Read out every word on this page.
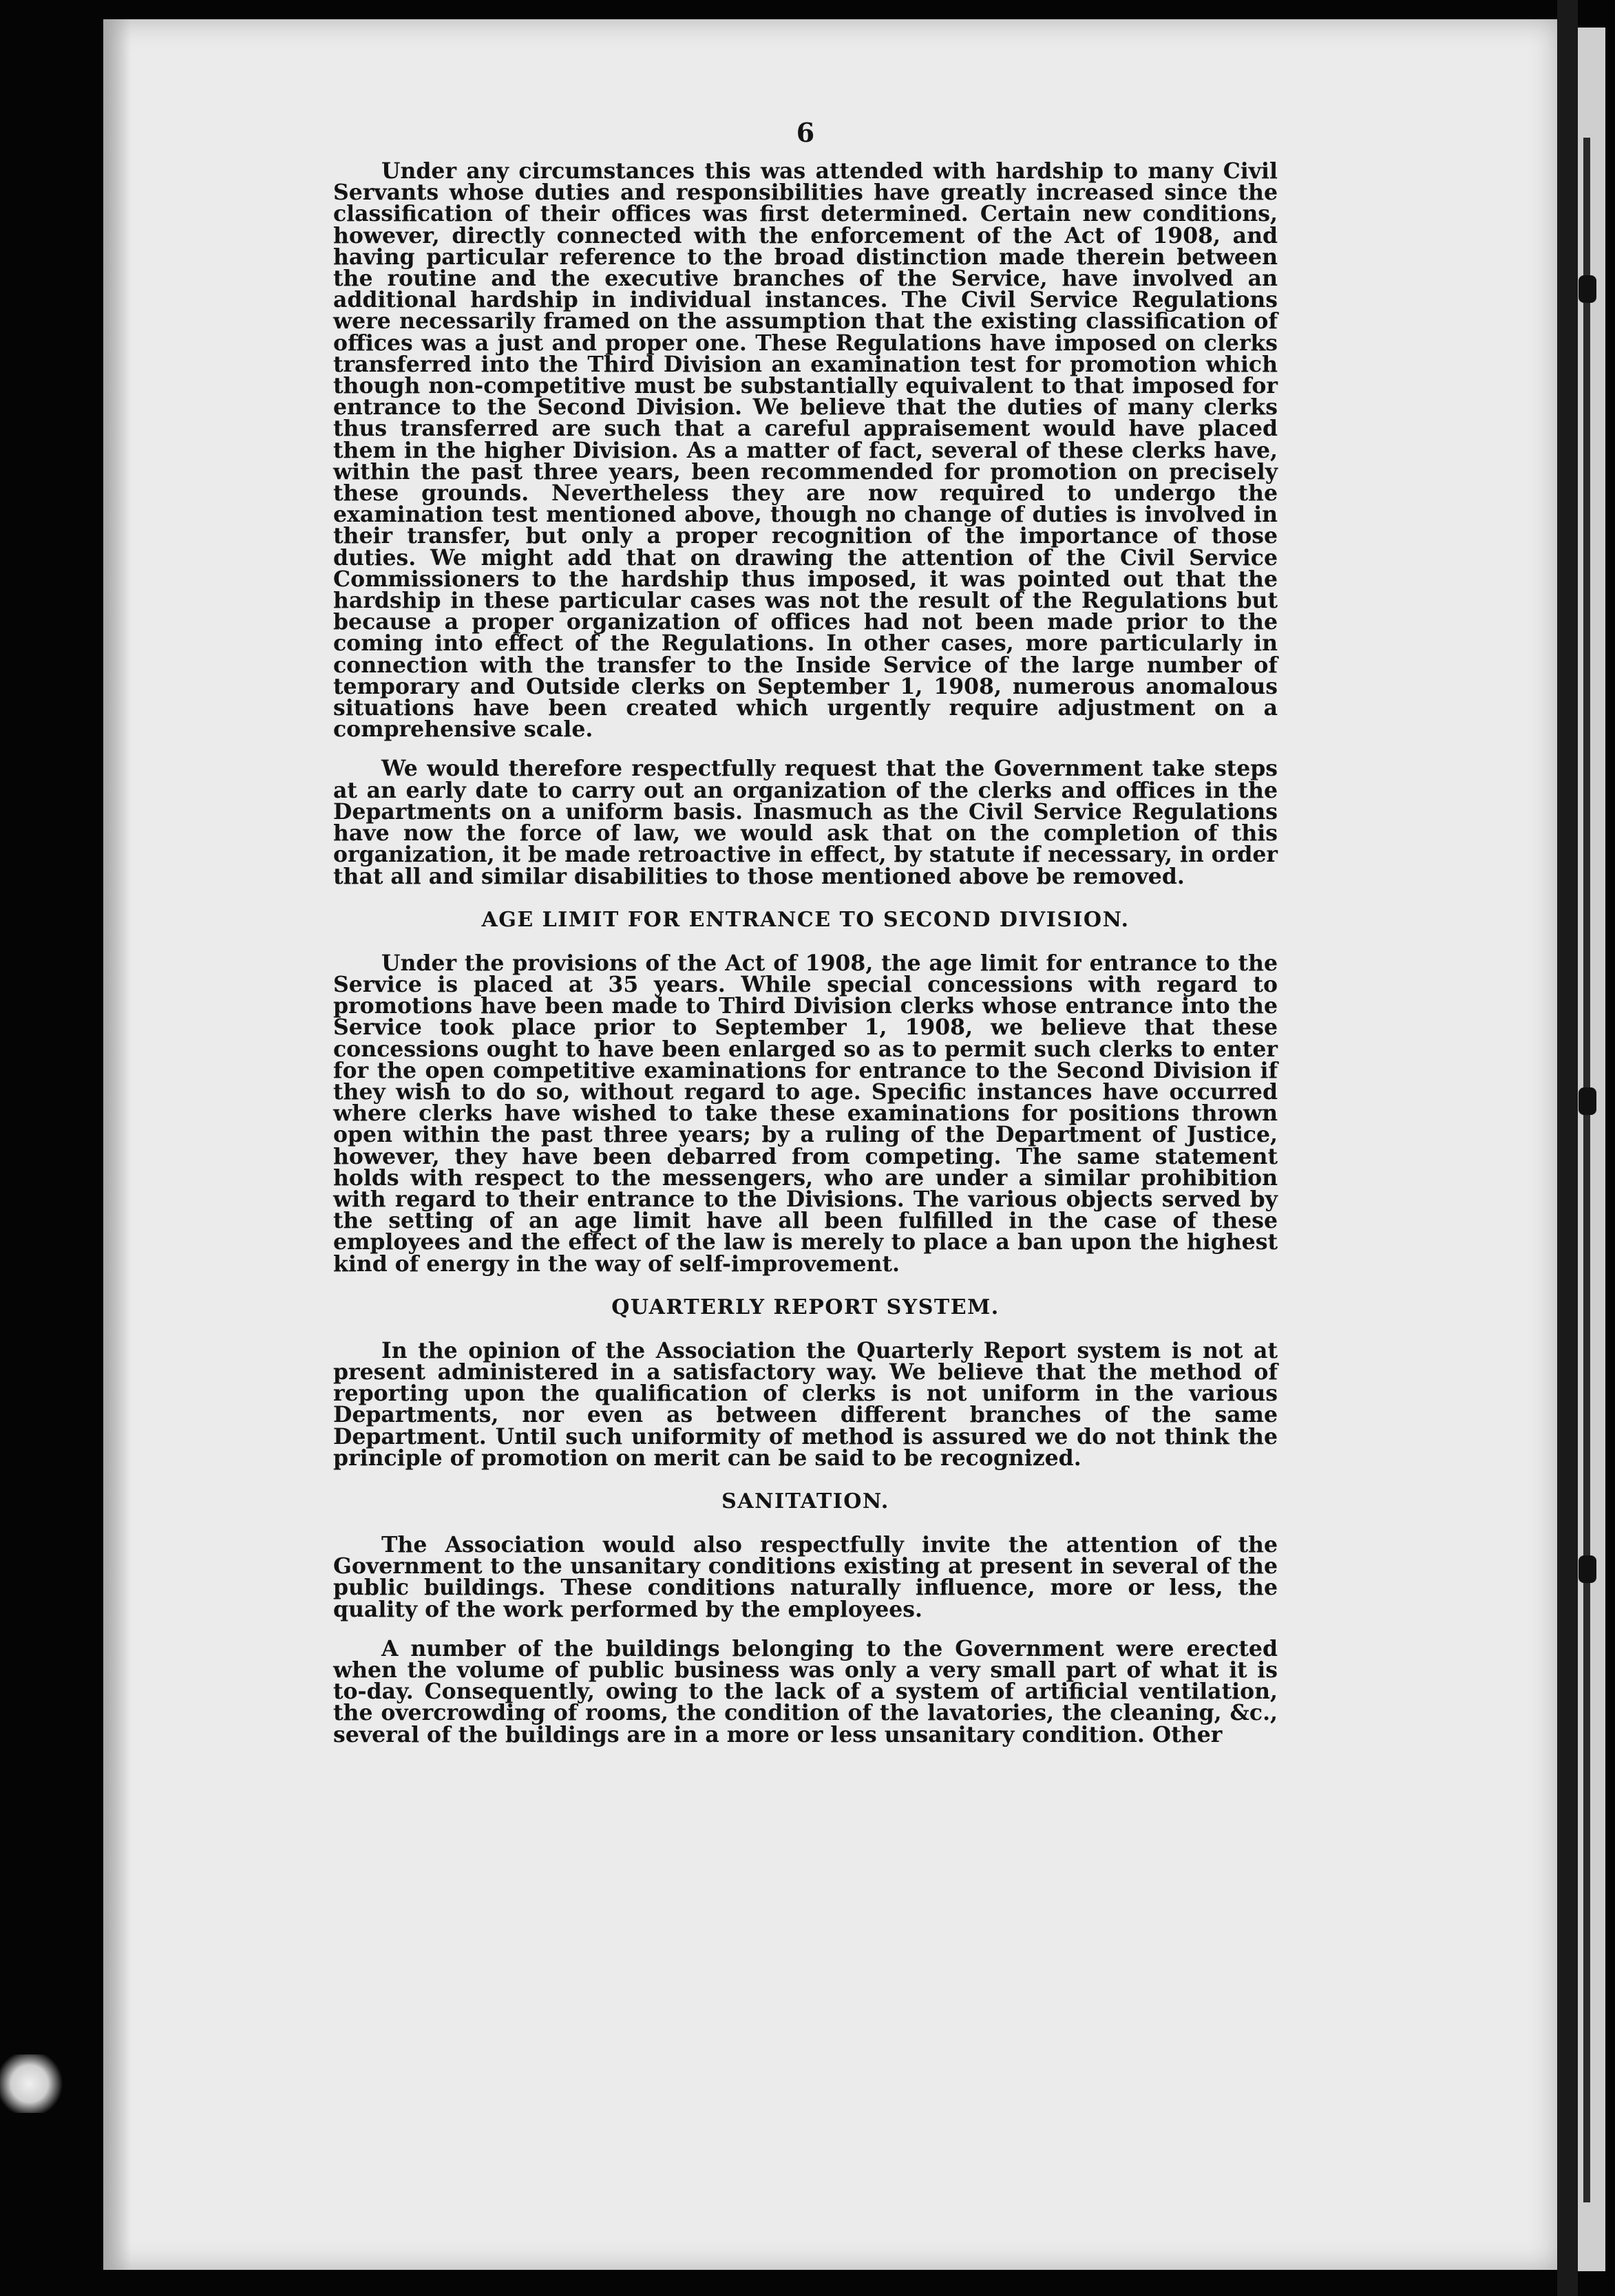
6

Under any circumstances this was attended with hardship to many Civil Servants whose duties and responsibilities have greatly increased since the classification of their offices was first determined. Certain new conditions, however, directly connected with the enforcement of the Act of 1908, and having particular reference to the broad distinction made therein between the routine and the executive branches of the Service, have involved an additional hardship in individual instances. The Civil Service Regulations were necessarily framed on the assumption that the existing classification of offices was a just and proper one. These Regulations have imposed on clerks transferred into the Third Division an examination test for promotion which though non-competitive must be substantially equivalent to that imposed for entrance to the Second Division. We believe that the duties of many clerks thus transferred are such that a careful appraisement would have placed them in the higher Division. As a matter of fact, several of these clerks have, within the past three years, been recommended for promotion on precisely these grounds. Nevertheless they are now required to undergo the examination test mentioned above, though no change of duties is involved in their transfer, but only a proper recognition of the importance of those duties. We might add that on drawing the attention of the Civil Service Commissioners to the hardship thus imposed, it was pointed out that the hardship in these particular cases was not the result of the Regulations but because a proper organization of offices had not been made prior to the coming into effect of the Regulations. In other cases, more particularly in connection with the transfer to the Inside Service of the large number of temporary and Outside clerks on September 1, 1908, numerous anomalous situations have been created which urgently require adjustment on a comprehensive scale.

We would therefore respectfully request that the Government take steps at an early date to carry out an organization of the clerks and offices in the Departments on a uniform basis. Inasmuch as the Civil Service Regulations have now the force of law, we would ask that on the completion of this organization, it be made retroactive in effect, by statute if necessary, in order that all and similar disabilities to those mentioned above be removed.

AGE LIMIT FOR ENTRANCE TO SECOND DIVISION.

Under the provisions of the Act of 1908, the age limit for entrance to the Service is placed at 35 years. While special concessions with regard to promotions have been made to Third Division clerks whose entrance into the Service took place prior to September 1, 1908, we believe that these concessions ought to have been enlarged so as to permit such clerks to enter for the open competitive examinations for entrance to the Second Division if they wish to do so, without regard to age. Specific instances have occurred where clerks have wished to take these examinations for positions thrown open within the past three years; by a ruling of the Department of Justice, however, they have been debarred from competing. The same statement holds with respect to the messengers, who are under a similar prohibition with regard to their entrance to the Divisions. The various objects served by the setting of an age limit have all been fulfilled in the case of these employees and the effect of the law is merely to place a ban upon the highest kind of energy in the way of self-improvement.

QUARTERLY REPORT SYSTEM.

In the opinion of the Association the Quarterly Report system is not at present administered in a satisfactory way. We believe that the method of reporting upon the qualification of clerks is not uniform in the various Departments, nor even as between different branches of the same Department. Until such uniformity of method is assured we do not think the principle of promotion on merit can be said to be recognized.

SANITATION.

The Association would also respectfully invite the attention of the Government to the unsanitary conditions existing at present in several of the public buildings. These conditions naturally influence, more or less, the quality of the work performed by the employees.

A number of the buildings belonging to the Government were erected when the volume of public business was only a very small part of what it is to-day. Consequently, owing to the lack of a system of artificial ventilation, the overcrowding of rooms, the condition of the lavatories, the cleaning, &c., several of the buildings are in a more or less unsanitary condition. Other
